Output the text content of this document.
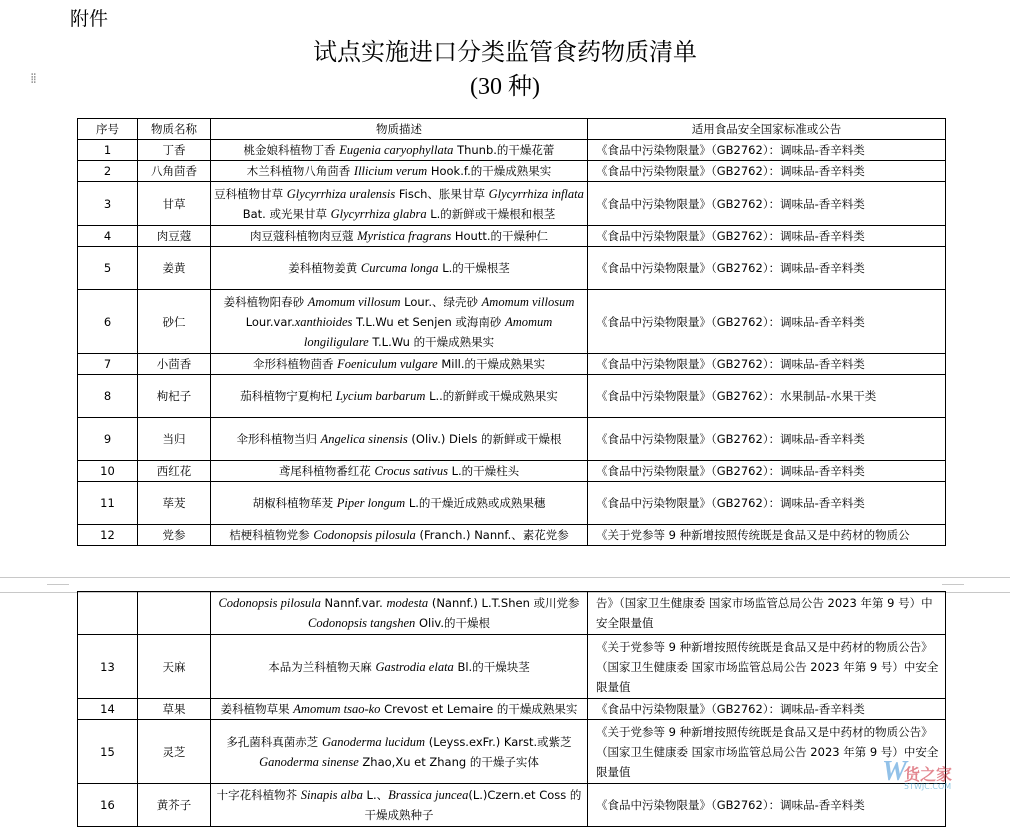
附件
⁞⁞
试点实施进口分类监管食药物质清单
(30 种)
序号	物质名称	物质描述	适用食品安全国家标准或公告
1	丁香	桃金娘科植物丁香 Eugenia caryophyllata Thunb.的干燥花蕾	《食品中污染物限量》（GB2762）：调味品-香辛料类
2	八角茴香	木兰科植物八角茴香 Illicium verum Hook.f.的干燥成熟果实	《食品中污染物限量》（GB2762）：调味品-香辛料类
3	甘草	豆科植物甘草 Glycyrrhiza uralensis Fisch、胀果甘草 Glycyrrhiza inflata Bat. 或光果甘草 Glycyrrhiza glabra L.的新鲜或干燥根和根茎	《食品中污染物限量》（GB2762）：调味品-香辛料类
4	肉豆蔻	肉豆蔻科植物肉豆蔻 Myristica fragrans Houtt.的干燥种仁	《食品中污染物限量》（GB2762）：调味品-香辛料类
5	姜黄	姜科植物姜黄 Curcuma longa L.的干燥根茎	《食品中污染物限量》（GB2762）：调味品-香辛料类
6	砂仁	姜科植物阳春砂 Amomum villosum Lour.、绿壳砂 Amomum villosum Lour.var.xanthioides T.L.Wu et Senjen 或海南砂 Amomum longiligulare T.L.Wu 的干燥成熟果实	《食品中污染物限量》（GB2762）：调味品-香辛料类
7	小茴香	伞形科植物茴香 Foeniculum vulgare Mill.的干燥成熟果实	《食品中污染物限量》（GB2762）：调味品-香辛料类
8	枸杞子	茄科植物宁夏枸杞 Lycium barbarum L..的新鲜或干燥成熟果实	《食品中污染物限量》（GB2762）：水果制品-水果干类
9	当归	伞形科植物当归 Angelica sinensis (Oliv.) Diels 的新鲜或干燥根	《食品中污染物限量》（GB2762）：调味品-香辛料类
10	西红花	鸢尾科植物番红花 Crocus sativus L.的干燥柱头	《食品中污染物限量》（GB2762）：调味品-香辛料类
11	荜茇	胡椒科植物荜茇 Piper longum L.的干燥近成熟或成熟果穗	《食品中污染物限量》（GB2762）：调味品-香辛料类
12	党参	桔梗科植物党参 Codonopsis pilosula (Franch.) Nannf.、素花党参	《关于党参等 9 种新增按照传统既是食品又是中药材的物质公
		Codonopsis pilosula Nannf.var. modesta (Nannf.) L.T.Shen 或川党参 Codonopsis tangshen Oliv.的干燥根	告》（国家卫生健康委 国家市场监管总局公告 2023 年第 9 号）中安全限量值
13	天麻	本品为兰科植物天麻 Gastrodia elata Bl.的干燥块茎	《关于党参等 9 种新增按照传统既是食品又是中药材的物质公告》（国家卫生健康委 国家市场监管总局公告 2023 年第 9 号）中安全限量值
14	草果	姜科植物草果 Amomum tsao-ko Crevost et Lemaire 的干燥成熟果实	《食品中污染物限量》（GB2762）：调味品-香辛料类
15	灵芝	多孔菌科真菌赤芝 Ganoderma lucidum (Leyss.exFr.) Karst.或紫芝 Ganoderma sinense Zhao,Xu et Zhang 的干燥子实体	《关于党参等 9 种新增按照传统既是食品又是中药材的物质公告》（国家卫生健康委 国家市场监管总局公告 2023 年第 9 号）中安全限量值
16	黄芥子	十字花科植物芥 Sinapis alba L.、Brassica juncea(L.)Czern.et Coss 的干燥成熟种子	《食品中污染物限量》（GB2762）：调味品-香辛料类
W
货之家
5TWJC.COM
